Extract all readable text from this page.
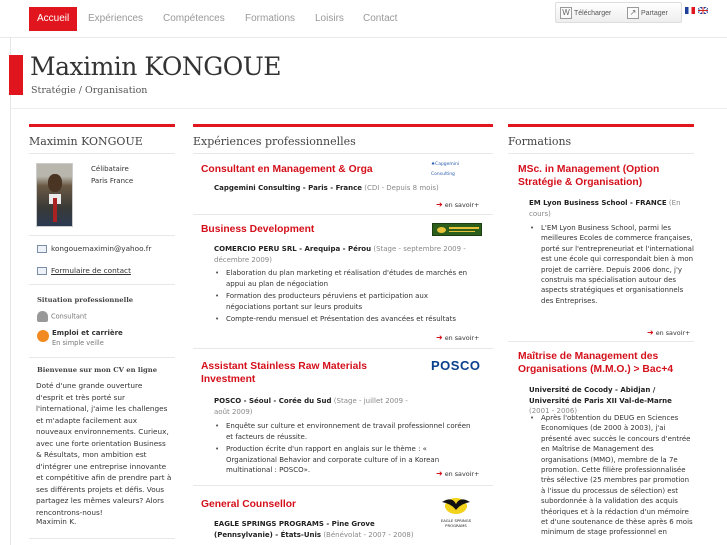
Accueil	Expériences Compétences Formations Loisirs Contact
W Télécharger	↗ Partager
Maximin KONGOUE
Stratégie / Organisation
Maximin KONGOUE
Célibataire
Paris France
kongouemaximin@yahoo.fr
Formulaire de contact
Situation professionnelle
Consultant
Emploi et carrière
En simple veille
Bienvenue sur mon CV en ligne
Doté d'une grande ouverture d'esprit et très porté sur l'international, j'aime les challenges et m'adapte facilement aux nouveaux environnements. Curieux, avec une forte orientation Business & Résultats, mon ambition est d'intégrer une entreprise innovante et compétitive afin de prendre part à ses différents projets et défis. Vous partagez les mêmes valeurs? Alors rencontrons-nous!
Maximin K.
Expériences professionnelles
Consultant en Management & Orga	♠Capgemini Consulting
Capgemini Consulting - Paris - France (CDI - Depuis 8 mois)
➜ en savoir+
Business Development
COMERCIO PERU SRL - Arequipa - Pérou (Stage - septembre 2009 - décembre 2009)
• Elaboration du plan marketing et réalisation d'études de marchés en appui au plan de négociation
• Formation des producteurs péruviens et participation aux négociations portant sur leurs produits
• Compte-rendu mensuel et Présentation des avancées et résultats
➜ en savoir+
Assistant Stainless Raw Materials Investment
POSCO
POSCO - Séoul - Corée du Sud (Stage - juillet 2009 - août 2009)
• Enquête sur culture et environnement de travail professionnel coréen et facteurs de réussite.
• Production écrite d'un rapport en anglais sur le thème : « Organizational Behavior and corporate culture of in a Korean multinational : POSCO».	➜ en savoir+
General Counsellor
EAGLE SPRINGS PROGRAMS
EAGLE SPRINGS PROGRAMS - Pine Grove (Pennsylvanie) - États-Unis (Bénévolat - 2007 - 2008)
Formations
MSc. in Management (Option Stratégie & Organisation)
EM Lyon Business School - FRANCE (En cours)
• L'EM Lyon Business School, parmi les meilleures Ecoles de commerce françaises, porté sur l'entrepreneuriat et l'international est une école qui correspondait bien à mon projet de carrière. Depuis 2006 donc, j'y construis ma spécialisation autour des aspects stratégiques et organisationnels des Entreprises.
➜ en savoir+
Maîtrise de Management des Organisations (M.M.O.) > Bac+4
Université de Cocody - Abidjan / Université de Paris XII Val-de-Marne (2001 - 2006)
• Après l'obtention du DEUG en Sciences Economiques (de 2000 à 2003), j'ai présenté avec succès le concours d'entrée en Maîtrise de Management des organisations (MMO), membre de la 7e promotion. Cette filière professionnalisée très sélective (25 membres par promotion à l'issue du processus de sélection) est subordonnée à la validation des acquis théoriques et à la rédaction d'un mémoire et d'une soutenance de thèse après 6 mois minimum de stage professionnel en
